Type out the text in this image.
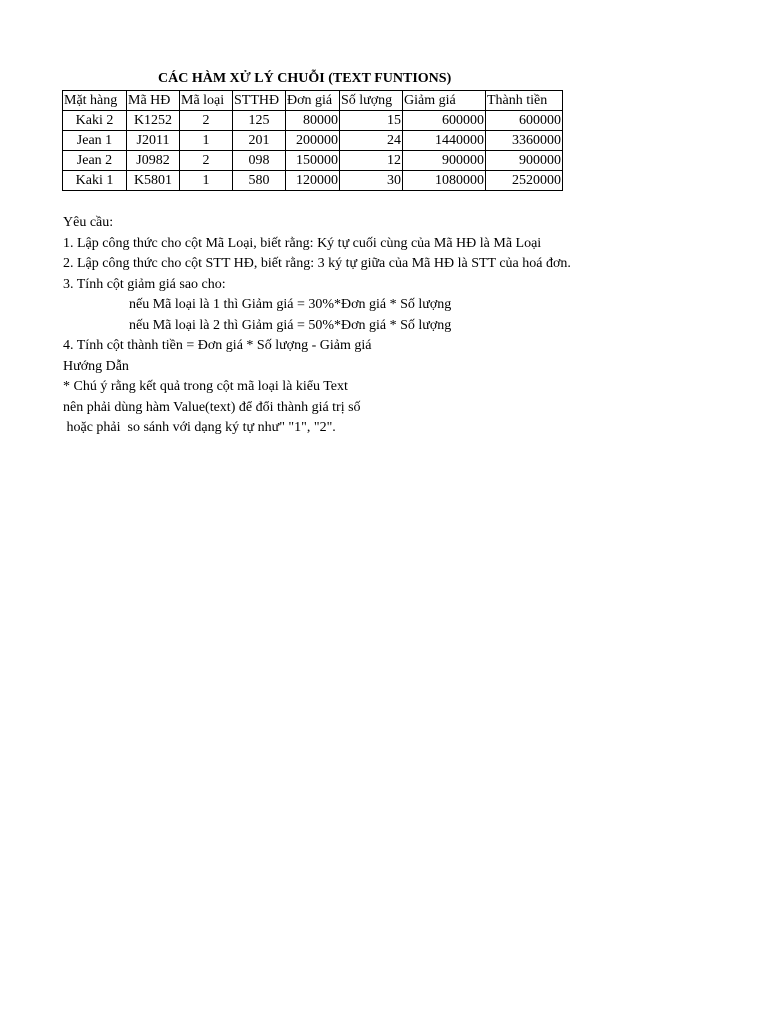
CÁC HÀM XỬ LÝ CHUỖI (TEXT FUNTIONS)
Mặt hàng	Mã HĐ	Mã loại	STTHĐ	Đơn giá	Số lượng	Giảm giá	Thành tiền
Kaki 2	K1252	2	125	80000	15	600000	600000
Jean 1	J2011	1	201	200000	24	1440000	3360000
Jean 2	J0982	2	098	150000	12	900000	900000
Kaki 1	K5801	1	580	120000	30	1080000	2520000
Yêu cầu:
1. Lập công thức cho cột Mã Loại, biết rằng: Ký tự cuối cùng của Mã HĐ là Mã Loại
2. Lập công thức cho cột STT HĐ, biết rằng: 3 ký tự giữa của Mã HĐ là STT của hoá đơn.
3. Tính cột giảm giá sao cho:
nếu Mã loại là 1 thì Giảm giá = 30%*Đơn giá * Số lượng
nếu Mã loại là 2 thì Giảm giá = 50%*Đơn giá * Số lượng
4. Tính cột thành tiền = Đơn giá * Số lượng - Giảm giá
Hướng Dẫn
* Chú ý rằng kết quả trong cột mã loại là kiểu Text
nên phải dùng hàm Value(text) để đổi thành giá trị số
hoặc phải  so sánh với dạng ký tự như" "1", "2".
